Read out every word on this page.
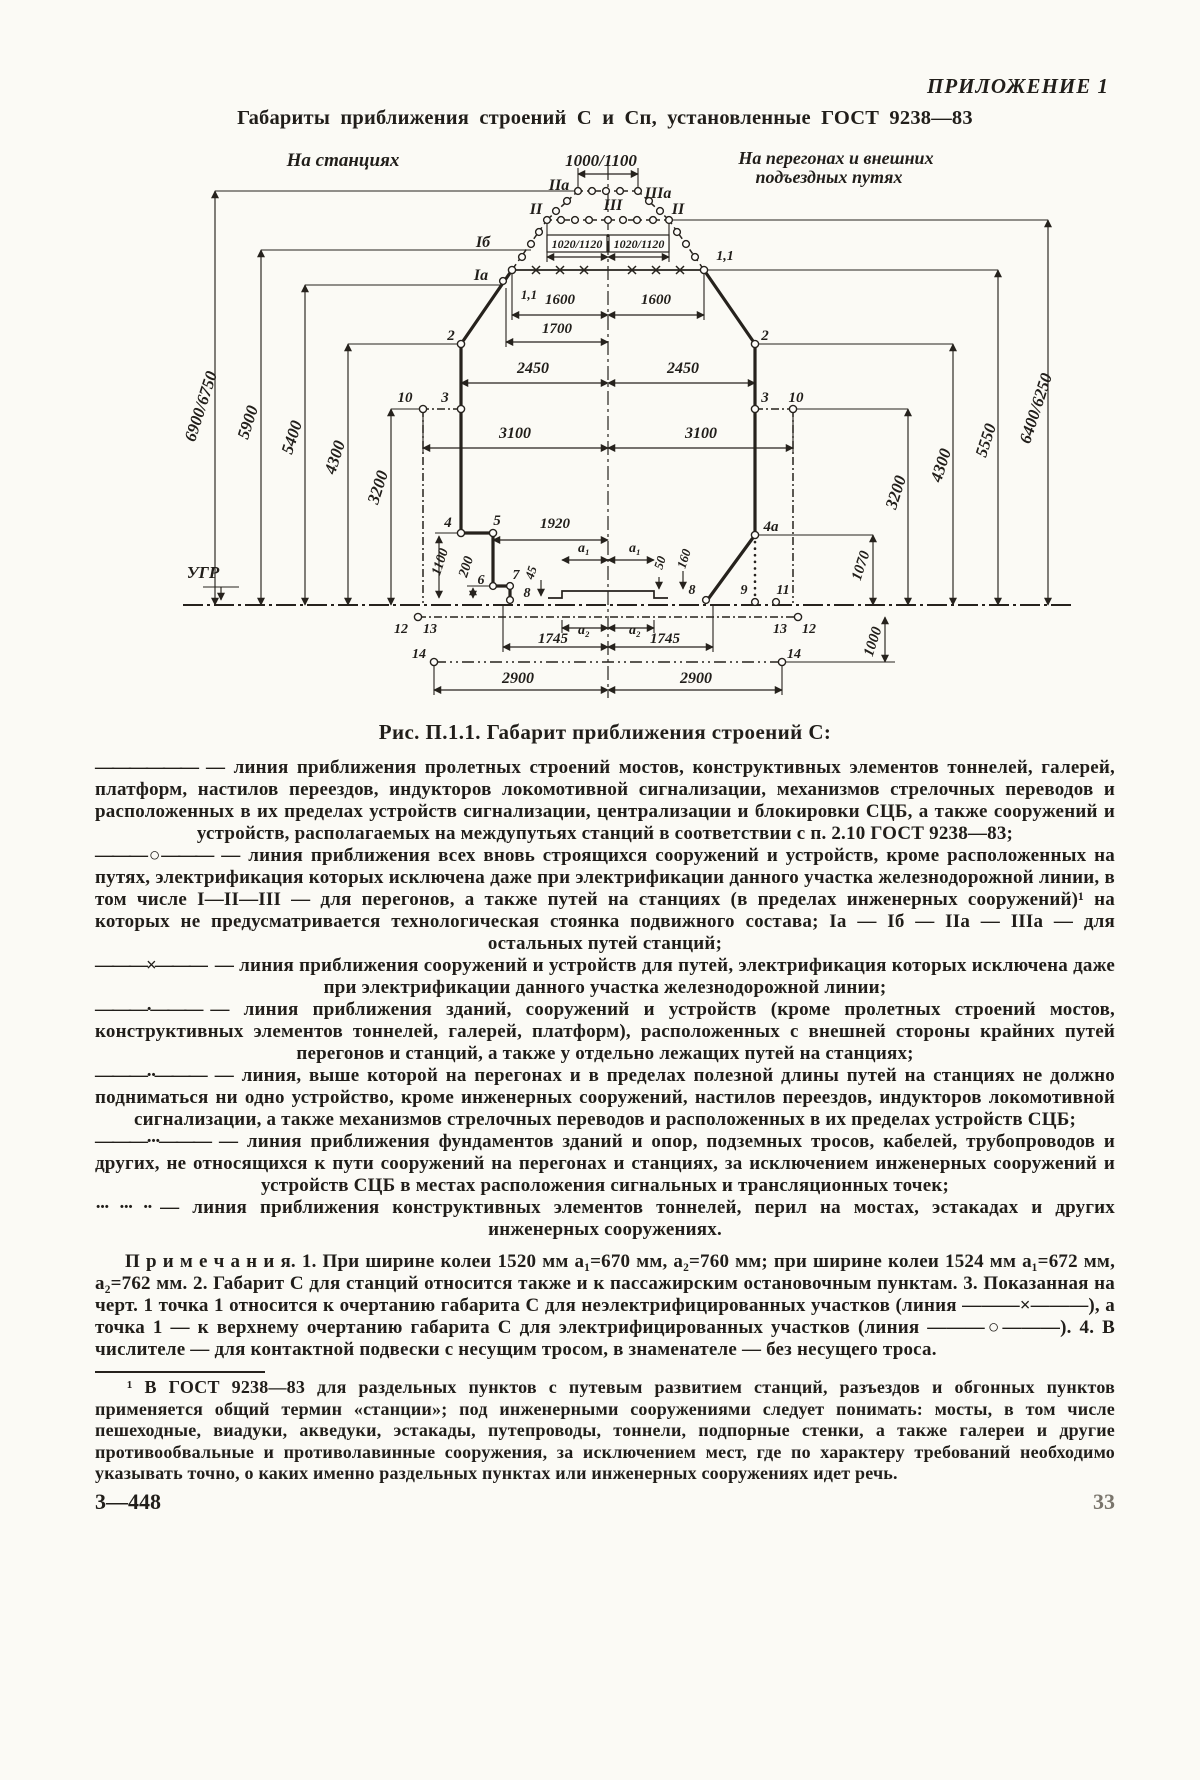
ПРИЛОЖЕНИЕ 1
Габариты приближения строений С и Сп, установленные ГОСТ 9238—83
На станциях	1000/1100	На перегонах и внешних
подъездных путях
IIа	IIIа
II	III	II
Iб
Iа
1,1
1,1
1020/1120 1020/1120
1600	1600
1700
2450	2450
3100	3100
1920
2	2
10 3	3 10
4	5
6 7
8
4а
8	9 11
12 13	13 12
14	14
1100 200	45
a₁	a₁
50 160
a₂	a₂
1745	1745
2900	2900
6900/6750 5900 5400
4300
3200
6400/6250
5550
4300
3200
1070
1000
УГР
Рис. П.1.1. Габарит приближения строений С:

—————— — линия приближения пролетных строений мостов, конструктивных элементов тоннелей, галерей, платформ, настилов переездов, индукторов локомотивной сигнализации, механизмов стрелочных переводов и расположенных в их пределах устройств сигнализации, централизации и блокировки СЦБ, а также сооружений и устройств, располагаемых на междупутьях станций в соответствии с п. 2.10 ГОСТ 9238—83;

———○——— — линия приближения всех вновь строящихся сооружений и устройств, кроме расположенных на путях, электрификация которых исключена даже при электрификации данного участка железнодорожной линии, в том числе I—II—III — для перегонов, а также путей на станциях (в пределах инженерных сооружений)¹ на которых не предусматривается технологическая стоянка подвижного состава; Iа — Iб — IIа — IIIа — для остальных путей станций;

———×——— — линия приближения сооружений и устройств для путей, электрификация которых исключена даже при электрификации данного участка железнодорожной линии;

———·——— — линия приближения зданий, сооружений и устройств (кроме пролетных строений мостов, конструктивных элементов тоннелей, галерей, платформ), расположенных с внешней стороны крайних путей перегонов и станций, а также у отдельно лежащих путей на станциях;

———··——— — линия, выше которой на перегонах и в пределах полезной длины путей на станциях не должно подниматься ни одно устройство, кроме инженерных сооружений, настилов переездов, индукторов локомотивной сигнализации, а также механизмов стрелочных переводов и расположенных в их пределах устройств СЦБ;

———···——— — линия приближения фундаментов зданий и опор, подземных тросов, кабелей, трубопроводов и других, не относящихся к пути сооружений на перегонах и станциях, за исключением инженерных сооружений и устройств СЦБ в местах расположения сигнальных и трансляционных точек;

··· ··· ·· — линия приближения конструктивных элементов тоннелей, перил на мостах, эстакадах и других инженерных сооружениях.

П р и м е ч а н и я. 1. При ширине колеи 1520 мм a₁=670 мм, a₂=760 мм; при ширине колеи 1524 мм a₁=672 мм, a₂=762 мм. 2. Габарит С для станций относится также и к пассажирским остановочным пунктам. 3. Показанная на черт. 1 точка 1 относится к очертанию габарита С для неэлектрифицированных участков (линия ———×———), а точка 1 — к верхнему очертанию габарита С для электрифицированных участков (линия ———○———). 4. В числителе — для контактной подвески с несущим тросом, в знаменателе — без несущего троса.

¹ В ГОСТ 9238—83 для раздельных пунктов с путевым развитием станций, разъездов и обгонных пунктов применяется общий термин «станции»; под инженерными сооружениями следует понимать: мосты, в том числе пешеходные, виадуки, акведуки, эстакады, путепроводы, тоннели, подпорные стенки, а также галереи и другие противообвальные и противолавинные сооружения, за исключением мест, где по характеру требований необходимо указывать точно, о каких именно раздельных пунктах или инженерных сооружениях идет речь.

3—448	33
